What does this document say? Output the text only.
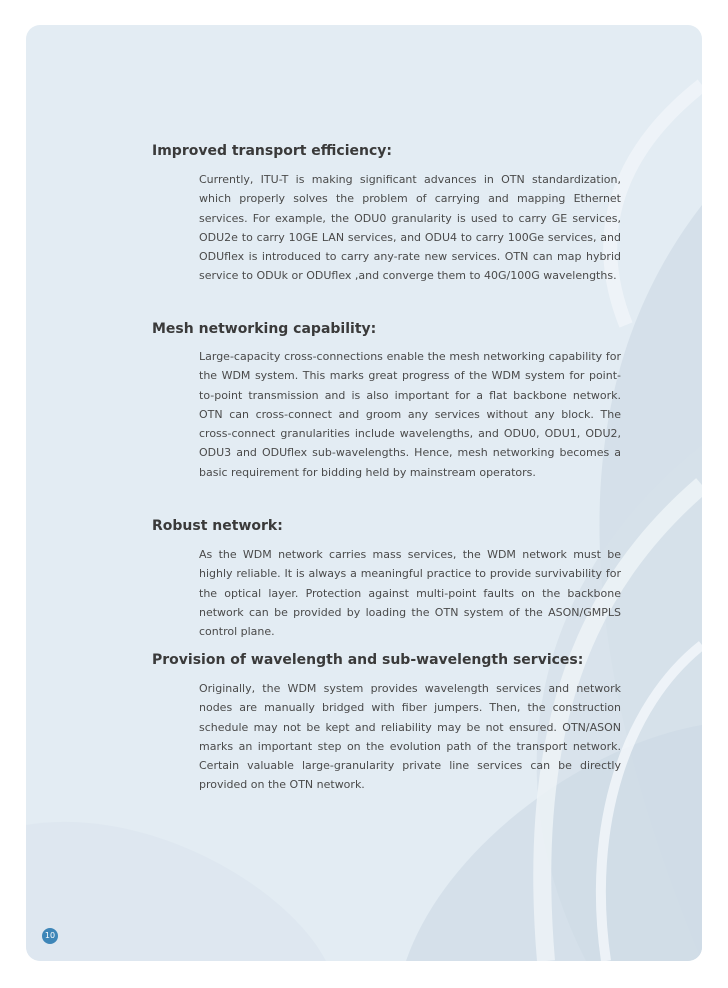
Improved transport efficiency:

Currently, ITU-T is making significant advances in OTN standardization, which properly solves the problem of carrying and mapping Ethernet services. For example, the ODU0 granularity is used to carry GE services, ODU2e to carry 10GE LAN services, and ODU4 to carry 100Ge services, and ODUflex is introduced to carry any-rate new services. OTN can map hybrid service to ODUk or ODUflex ,and converge them to 40G/100G wavelengths.

Mesh networking capability:

Large-capacity cross-connections enable the mesh networking capability for the WDM system. This marks great progress of the WDM system for point-to-point transmission and is also important for a flat backbone network. OTN can cross-connect and groom any services without any block. The cross-connect granularities include wavelengths, and ODU0, ODU1, ODU2, ODU3 and ODUflex sub-wavelengths. Hence, mesh networking becomes a basic requirement for bidding held by mainstream operators.

Robust network:

As the WDM network carries mass services, the WDM network must be highly reliable. It is always a meaningful practice to provide survivability for the optical layer. Protection against multi-point faults on the backbone network can be provided by loading the OTN system of the ASON/GMPLS control plane.

Provision of wavelength and sub-wavelength services:

Originally, the WDM system provides wavelength services and network nodes are manually bridged with fiber jumpers. Then, the construction schedule may not be kept and reliability may be not ensured. OTN/ASON marks an important step on the evolution path of the transport network. Certain valuable large-granularity private line services can be directly provided on the OTN network.

10
